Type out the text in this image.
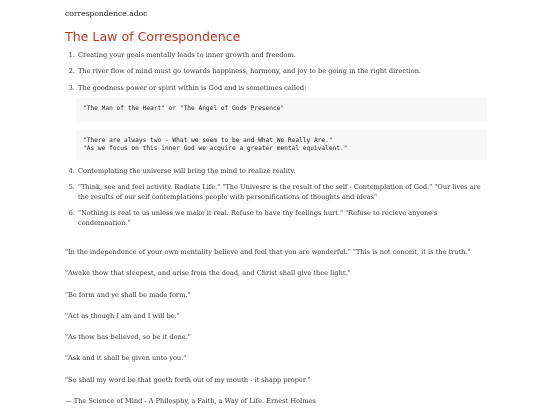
correspondence.adoc
The Law of Correspondence
1. Creating your goals mentally leads to inner growth and freedom.
2. The river flow of mind must go towards happiness, harmony, and joy to be going in the right direction.
3. The goodness power or spirit within is God and is sometimes called:
"The Man of the Heart" or "The Angel of Gods Presence"
"There are always two - What we seem to be and What We Really Are."
"As we focus on this inner God we acquire a greater mental equivalent."
4. Contemplating the universe will bring the mind to realize reality.
5. "Think, see and feel activity. Radiate Life." "The Univesre is the result of the self - Contemplation of God." "Our lives are the results of our self contemplations people with personifications of thoughts and ideas"
6. "Nothing is real to us unless we make it real. Refuse to have thy feelings hurt." "Refuse to recieve anyone's condemnation."

"In the independence of your own mentality believe and feel that you are wonderful." "This is not conceit, it is the truth."

"Awake thow that sleepest, and arise from the dead, and Christ shall give thee light."

"Be form and ye shall be made form."

"Act as though I am and I will be."

"As thow has believed, so be it done."

"Ask and it shall be given unto you."

"So shall my word be that goeth forth out of my mouth - it shapp proper."

— The Science of Mind - A Philosphy, a Faith, a Way of Life. Ernest Holmes
